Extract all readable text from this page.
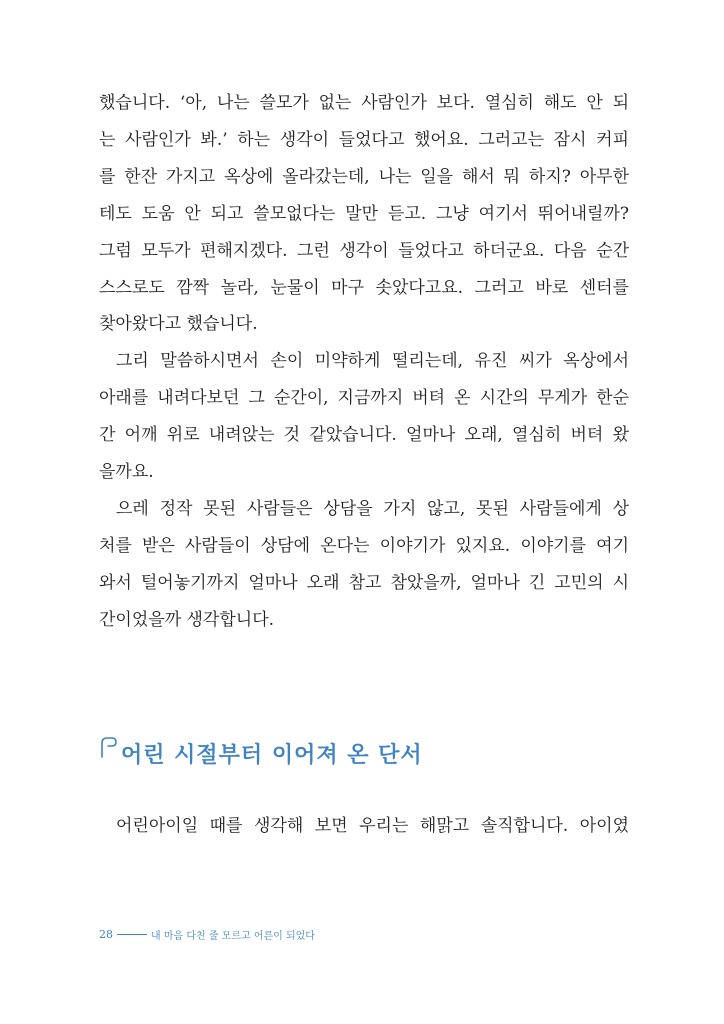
했습니다. ‘아, 나는 쓸모가 없는 사람인가 보다. 열심히 해도 안 되
는 사람인가 봐.’ 하는 생각이 들었다고 했어요. 그러고는 잠시 커피
를 한잔 가지고 옥상에 올라갔는데, 나는 일을 해서 뭐 하지? 아무한
테도 도움 안 되고 쓸모없다는 말만 듣고. 그냥 여기서 뛰어내릴까?
그럼 모두가 편해지겠다. 그런 생각이 들었다고 하더군요. 다음 순간
스스로도 깜짝 놀라, 눈물이 마구 솟았다고요. 그러고 바로 센터를
찾아왔다고 했습니다.
그리 말씀하시면서 손이 미약하게 떨리는데, 유진 씨가 옥상에서
아래를 내려다보던 그 순간이, 지금까지 버텨 온 시간의 무게가 한순
간 어깨 위로 내려앉는 것 같았습니다. 얼마나 오래, 열심히 버텨 왔
을까요.
으레 정작 못된 사람들은 상담을 가지 않고, 못된 사람들에게 상
처를 받은 사람들이 상담에 온다는 이야기가 있지요. 이야기를 여기
와서 털어놓기까지 얼마나 오래 참고 참았을까, 얼마나 긴 고민의 시
간이었을까 생각합니다.
어린 시절부터 이어져 온 단서
어린아이일 때를 생각해 보면 우리는 해맑고 솔직합니다. 아이였
28	내 마음 다친 줄 모르고 어른이 되었다
